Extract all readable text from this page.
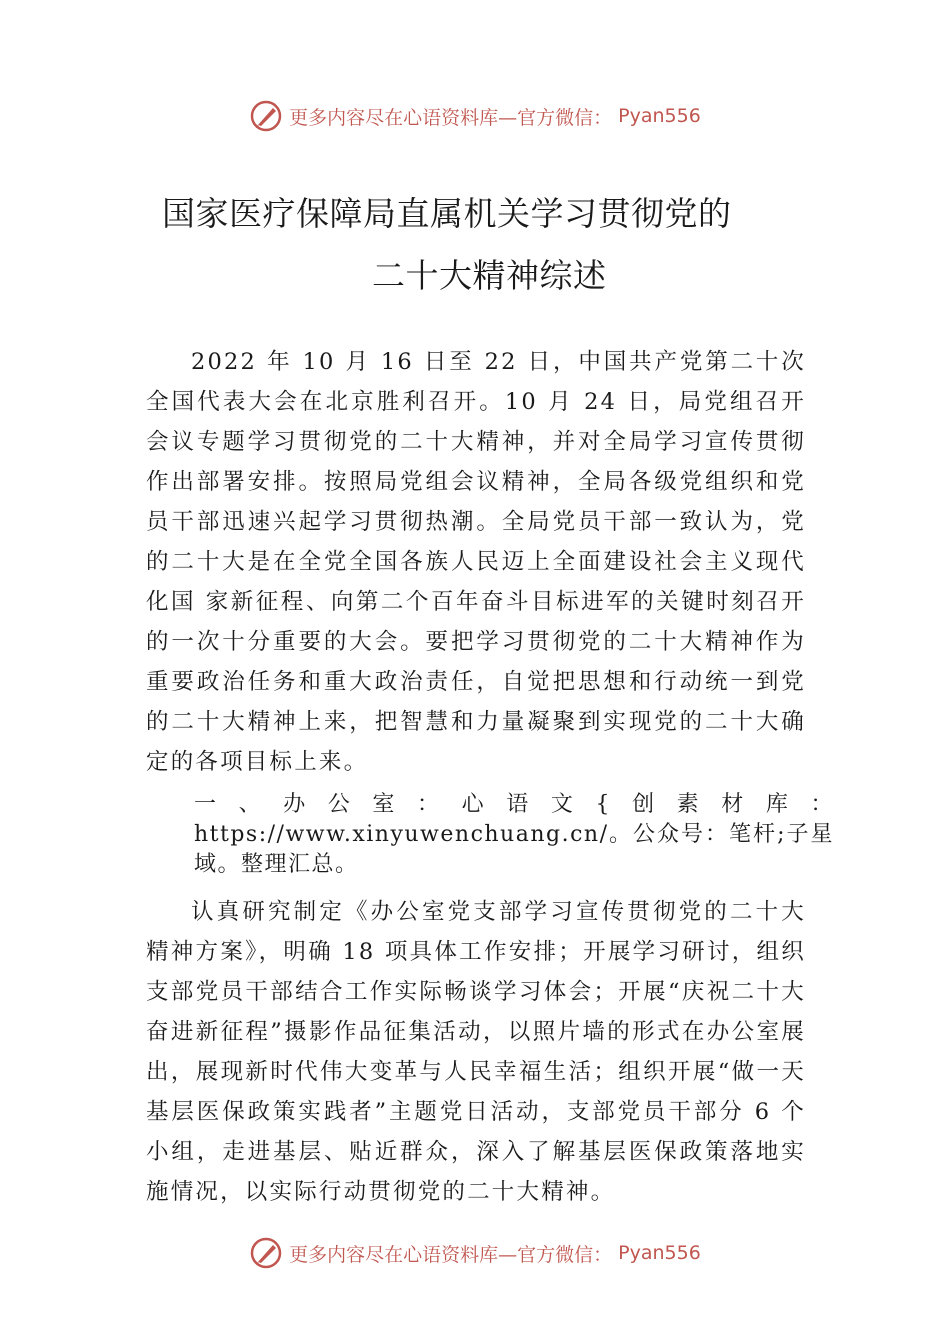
更多内容尽在心语资料库—官方微信： Pyan556
国家医疗保障局直属机关学习贯彻党的
二十大精神综述

2022 年 10 月 16 日至 22 日，中国共产党第二十次全国代表大会在北京胜利召开。10 月 24 日，局党组召开会议专题学习贯彻党的二十大精神，并对全局学习宣传贯彻作出部署安排。按照局党组会议精神，全局各级党组织和党员干部迅速兴起学习贯彻热潮。全局党员干部一致认为，党的二十大是在全党全国各族人民迈上全面建设社会主义现代化国 家新征程、向第二个百年奋斗目标进军的关键时刻召开的一次十分重要的大会。要把学习贯彻党的二十大精神作为重要政治任务和重大政治责任，自觉把思想和行动统一到党的二十大精神上来，把智慧和力量凝聚到实现党的二十大确定的各项目标上来。

一、办公室：心语文{创素材库：https://www.xinyuwenchuang.cn/。公众号：笔杆;子星域。整理汇总。

认真研究制定《办公室党支部学习宣传贯彻党的二十大精神方案》，明确 18 项具体工作安排；开展学习研讨，组织支部党员干部结合工作实际畅谈学习体会；开展“庆祝二十大 奋进新征程”摄影作品征集活动，以照片墙的形式在办公室展出，展现新时代伟大变革与人民幸福生活；组织开展“做一天基层医保政策实践者”主题党日活动，支部党员干部分 6 个小组，走进基层、贴近群众，深入了解基层医保政策落地实施情况，以实际行动贯彻党的二十大精神。

更多内容尽在心语资料库—官方微信： Pyan556
